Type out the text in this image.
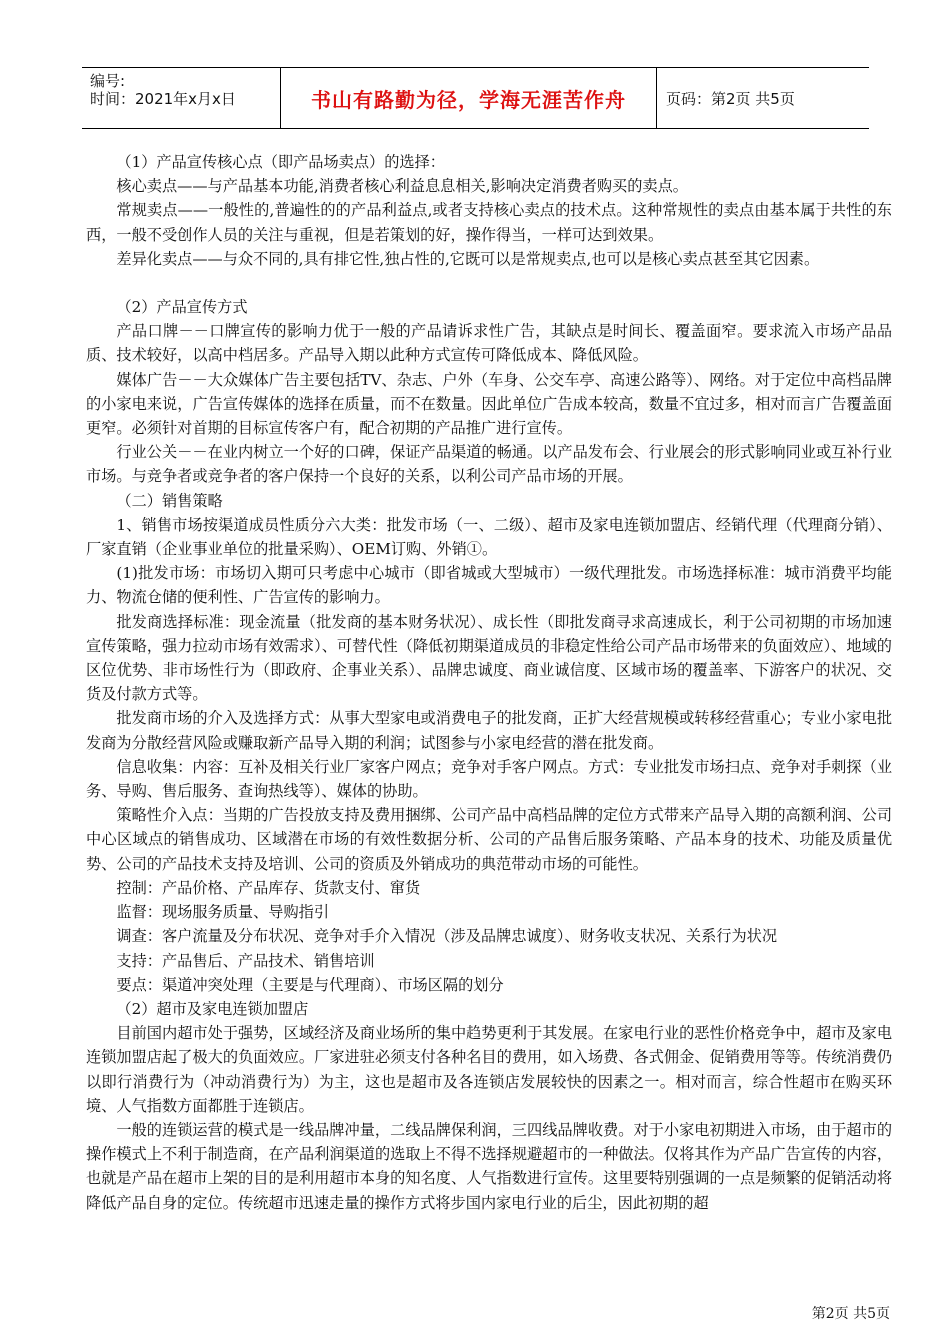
编号:
时间：2021年x月x日	书山有路勤为径，学海无涯苦作舟	页码：第2页 共5页

（1）产品宣传核心点（即产品场卖点）的选择：

核心卖点——与产品基本功能,消费者核心利益息息相关,影响决定消费者购买的卖点。

常规卖点——一般性的,普遍性的的产品利益点,或者支持核心卖点的技术点。这种常规性的卖点由基本属于共性的东西，一般不受创作人员的关注与重视，但是若策划的好，操作得当，一样可达到效果。

差异化卖点——与众不同的,具有排它性,独占性的,它既可以是常规卖点,也可以是核心卖点甚至其它因素。

（2）产品宣传方式

产品口牌－－口牌宣传的影响力优于一般的产品请诉求性广告，其缺点是时间长、覆盖面窄。要求流入市场产品品质、技术较好，以高中档居多。产品导入期以此种方式宣传可降低成本、降低风险。

媒体广告－－大众媒体广告主要包括TV、杂志、户外（车身、公交车亭、高速公路等）、网络。对于定位中高档品牌的小家电来说，广告宣传媒体的选择在质量，而不在数量。因此单位广告成本较高，数量不宜过多，相对而言广告覆盖面更窄。必须针对首期的目标宣传客户有，配合初期的产品推广进行宣传。

行业公关－－在业内树立一个好的口碑，保证产品渠道的畅通。以产品发布会、行业展会的形式影响同业或互补行业市场。与竞争者或竞争者的客户保持一个良好的关系，以利公司产品市场的开展。

（二）销售策略

1、销售市场按渠道成员性质分六大类：批发市场（一、二级）、超市及家电连锁加盟店、经销代理（代理商分销）、厂家直销（企业事业单位的批量采购）、OEM订购、外销①。

(1)批发市场：市场切入期可只考虑中心城市（即省城或大型城市）一级代理批发。市场选择标准：城市消费平均能力、物流仓储的便利性、广告宣传的影响力。

批发商选择标准：现金流量（批发商的基本财务状况）、成长性（即批发商寻求高速成长，利于公司初期的市场加速宣传策略，强力拉动市场有效需求）、可替代性（降低初期渠道成员的非稳定性给公司产品市场带来的负面效应）、地域的区位优势、非市场性行为（即政府、企事业关系）、品牌忠诚度、商业诚信度、区域市场的覆盖率、下游客户的状况、交货及付款方式等。

批发商市场的介入及选择方式：从事大型家电或消费电子的批发商，正扩大经营规模或转移经营重心；专业小家电批发商为分散经营风险或赚取新产品导入期的利润；试图参与小家电经营的潜在批发商。

信息收集：内容：互补及相关行业厂家客户网点；竞争对手客户网点。方式：专业批发市场扫点、竞争对手刺探（业务、导购、售后服务、查询热线等）、媒体的协助。

策略性介入点：当期的广告投放支持及费用捆绑、公司产品中高档品牌的定位方式带来产品导入期的高额利润、公司中心区域点的销售成功、区域潜在市场的有效性数据分析、公司的产品售后服务策略、产品本身的技术、功能及质量优势、公司的产品技术支持及培训、公司的资质及外销成功的典范带动市场的可能性。

控制：产品价格、产品库存、货款支付、窜货

监督：现场服务质量、导购指引

调查：客户流量及分布状况、竞争对手介入情况（涉及品牌忠诚度）、财务收支状况、关系行为状况

支持：产品售后、产品技术、销售培训

要点：渠道冲突处理（主要是与代理商）、市场区隔的划分

（2）超市及家电连锁加盟店

目前国内超市处于强势，区域经济及商业场所的集中趋势更利于其发展。在家电行业的恶性价格竞争中，超市及家电连锁加盟店起了极大的负面效应。厂家进驻必须支付各种名目的费用，如入场费、各式佣金、促销费用等等。传统消费仍以即行消费行为（冲动消费行为）为主，这也是超市及各连锁店发展较快的因素之一。相对而言，综合性超市在购买环境、人气指数方面都胜于连锁店。

一般的连锁运营的模式是一线品牌冲量，二线品牌保利润，三四线品牌收费。对于小家电初期进入市场，由于超市的操作模式上不利于制造商，在产品利润渠道的选取上不得不选择规避超市的一种做法。仅将其作为产品广告宣传的内容，也就是产品在超市上架的目的是利用超市本身的知名度、人气指数进行宣传。这里要特别强调的一点是频繁的促销活动将降低产品自身的定位。传统超市迅速走量的操作方式将步国内家电行业的后尘，因此初期的超

第2页 共5页
